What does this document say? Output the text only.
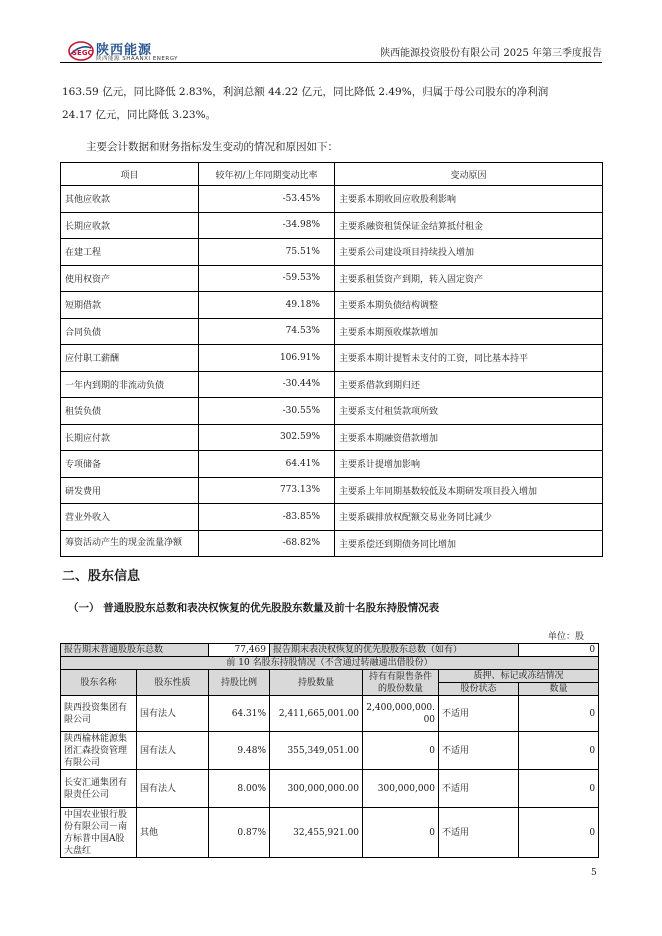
SEGC 陕西能源
陕西能源 SHAANXI ENERGY	陕西能源投资股份有限公司 2025 年第三季度报告
163.59 亿元，同比降低 2.83%，利润总额 44.22 亿元，同比降低 2.49%，归属于母公司股东的净利润
24.17 亿元，同比降低 3.23%。
主要会计数据和财务指标发生变动的情况和原因如下：
项目	较年初/上年同期变动比率	变动原因
其他应收款	-53.45%	主要系本期收回应收股利影响
长期应收款	-34.98%	主要系融资租赁保证金结算抵付租金
在建工程	75.51%	主要系公司建设项目持续投入增加
使用权资产	-59.53%	主要系租赁资产到期，转入固定资产
短期借款	49.18%	主要系本期负债结构调整
合同负债	74.53%	主要系本期预收煤款增加
应付职工薪酬	106.91%	主要系本期计提暂未支付的工资，同比基本持平
一年内到期的非流动负债	-30.44%	主要系借款到期归还
租赁负债	-30.55%	主要系支付租赁款项所致
长期应付款	302.59%	主要系本期融资借款增加
专项储备	64.41%	主要系计提增加影响
研发费用	773.13%	主要系上年同期基数较低及本期研发项目投入增加
营业外收入	-83.85%	主要系碳排放权配额交易业务同比减少
筹资活动产生的现金流量净额	-68.82%	主要系偿还到期债务同比增加
二、股东信息
（一） 普通股股东总数和表决权恢复的优先股股东数量及前十名股东持股情况表
单位：股
报告期末普通股股东总数		77,469	报告期末表决权恢复的优先股股东总数（如有）			0
前 10 名股东持股情况（不含通过转融通出借股份）						
股东名称	股东性质	持股比例	持股数量	持有有限售条件的股份数量	质押、标记或冻结情况	
					股份状态	数量
陕西投资集团有限公司	国有法人	64.31%	2,411,665,001.00	2,400,000,000.00	不适用	0
陕西榆林能源集团汇森投资管理有限公司	国有法人	9.48%	355,349,051.00	0	不适用	0
长安汇通集团有限责任公司	国有法人	8.00%	300,000,000.00	300,000,000	不适用	0
中国农业银行股份有限公司－南方标普中国A股大盘红	其他	0.87%	32,455,921.00	0	不适用	0
5
